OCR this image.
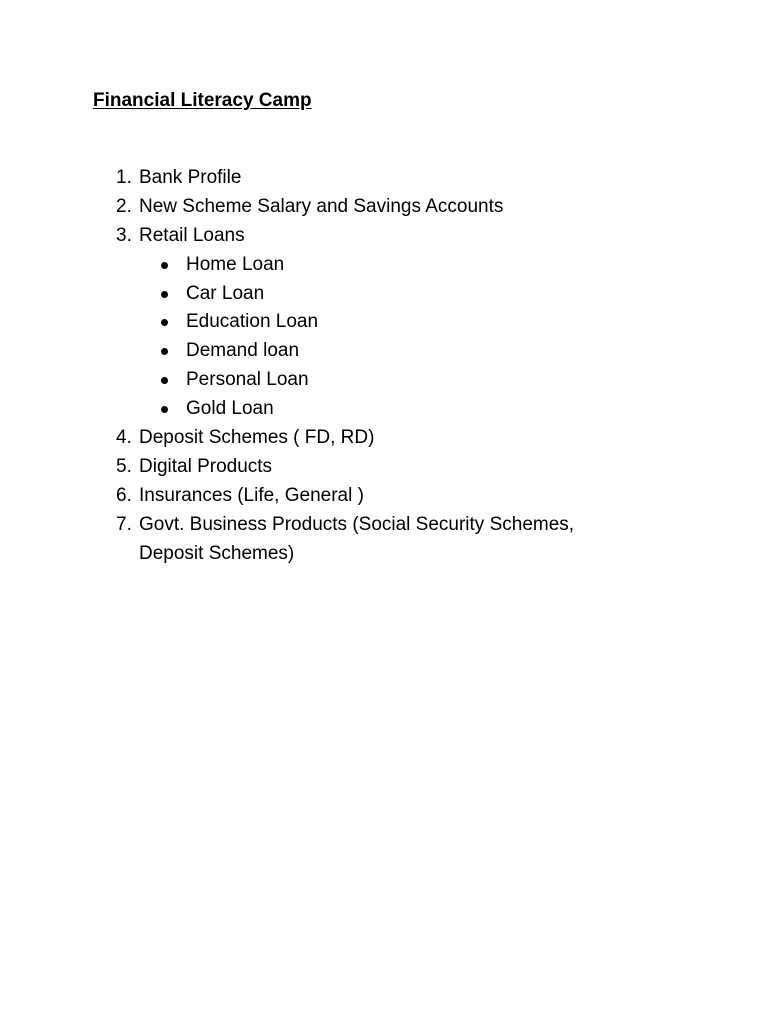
Financial Literacy Camp
1. Bank Profile
2. New Scheme Salary and Savings Accounts
3. Retail Loans
Home Loan
Car Loan
Education Loan
Demand loan
Personal Loan
Gold Loan
4. Deposit Schemes ( FD, RD)
5. Digital Products
6. Insurances (Life, General )
7. Govt. Business Products (Social Security Schemes,
Deposit Schemes)
